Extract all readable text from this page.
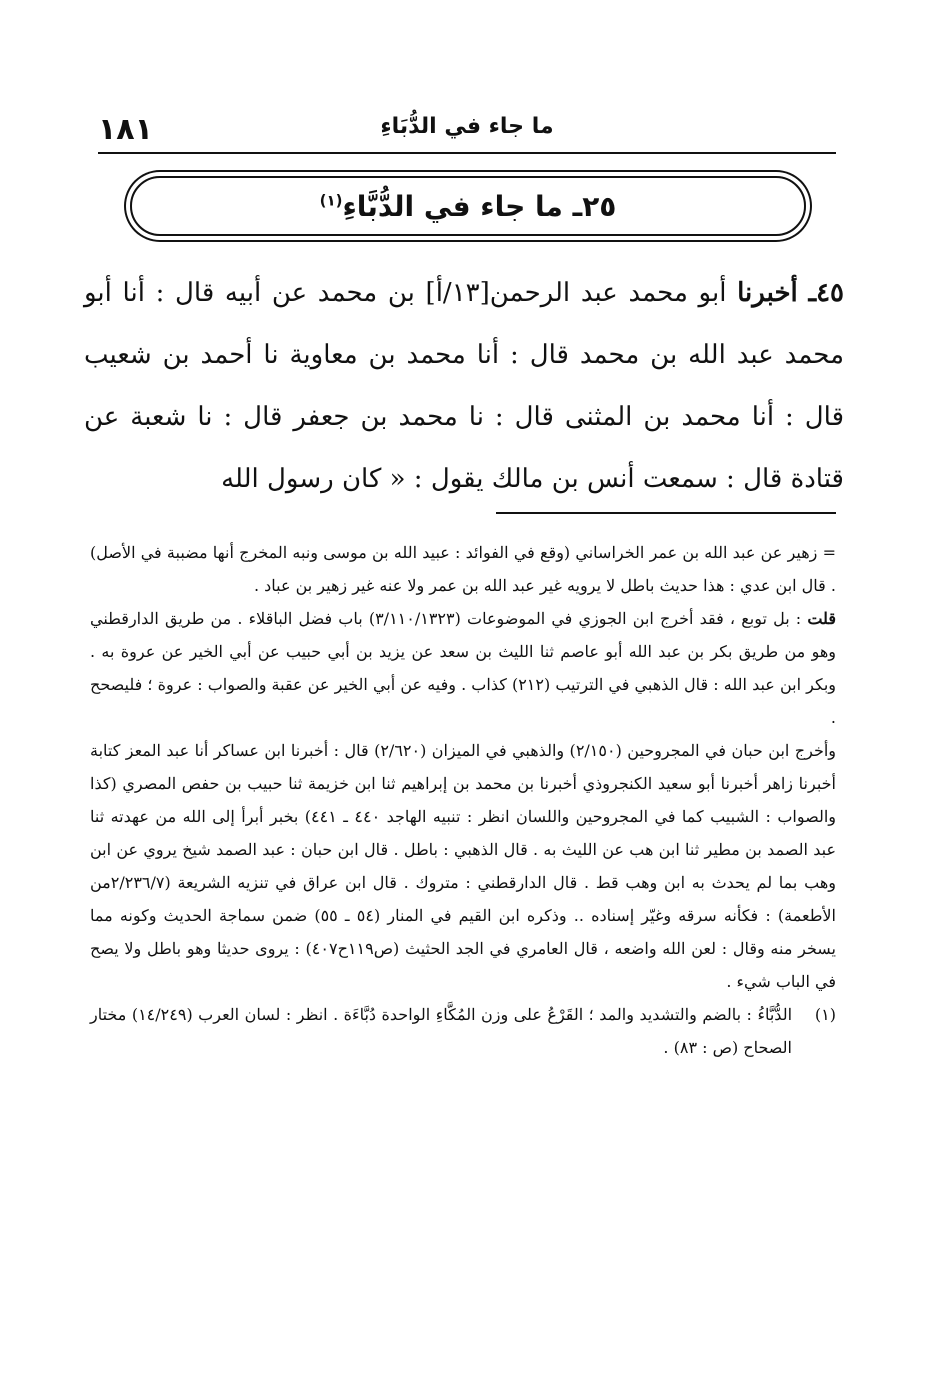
١٨١	ما جاء في الدُّبَاءِ
٢٥ـ ما جاء في الدُّبَّاءِ$^{(١)}$
٤٥ـ أخبرنا أبو محمد عبد الرحمن[١٣/أ] بن محمد عن أبيه قال : أنا أبو محمد عبد الله بن محمد قال : أنا محمد بن معاوية نا أحمد بن شعيب قال : أنا محمد بن المثنى قال : نا محمد بن جعفر قال : نا شعبة عن قتادة قال : سمعت أنس بن مالك يقول : « كان رسول الله

= زهير عن عبد الله بن عمر الخراساني (وقع في الفوائد : عبيد الله بن موسى ونبه المخرج أنها مضببة في الأصل) . قال ابن عدي : هذا حديث باطل لا يرويه غير عبد الله بن عمر ولا عنه غير زهير بن عباد .

قلت : بل توبع ، فقد أخرج ابن الجوزي في الموضوعات (٣/١١٠/١٣٢٣) باب فضل الباقلاء . من طريق الدارقطني وهو من طريق بكر بن عبد الله أبو عاصم ثنا الليث بن سعد عن يزيد بن أبي حبيب عن أبي الخير عن عروة به . وبكر ابن عبد الله : قال الذهبي في الترتيب (٢١٢) كذاب . وفيه عن أبي الخير عن عقبة والصواب : عروة ؛ فليصحح .

وأخرج ابن حبان في المجروحين (٢/١٥٠) والذهبي في الميزان (٢/٦٢٠) قال : أخبرنا ابن عساكر أنا عبد المعز كتابة أخبرنا زاهر أخبرنا أبو سعيد الكنجروذي أخبرنا بن محمد بن إبراهيم ثنا ابن خزيمة ثنا حبيب بن حفص المصري (كذا والصواب : الشبيب كما في المجروحين واللسان انظر : تنبيه الهاجد ٤٤٠ ـ ٤٤١) بخبر أبرأ إلى الله من عهدته ثنا عبد الصمد بن مطير ثنا ابن هب عن الليث به . قال الذهبي : باطل . قال ابن حبان : عبد الصمد شيخ يروي عن ابن وهب بما لم يحدث به ابن وهب قط . قال الدارقطني : متروك . قال ابن عراق في تنزيه الشريعة (٢/٢٣٦/٧من الأطعمة) : فكأنه سرقه وغيّر إسناده .. وذكره ابن القيم في المنار (٥٤ ـ ٥٥) ضمن سماجة الحديث وكونه مما يسخر منه وقال : لعن الله واضعه ، قال العامري في الجد الحثيث (ص١١٩ح٤٠٧) : يروى حديثا وهو باطل ولا يصح في الباب شيء .

(١)
الدُّبَّاءُ : بالضم والتشديد والمد ؛ القَرْعُ على وزن المُكَّاءِ الواحدة دُبَّاءَة . انظر : لسان العرب (١٤/٢٤٩) مختار الصحاح (ص : ٨٣) .
